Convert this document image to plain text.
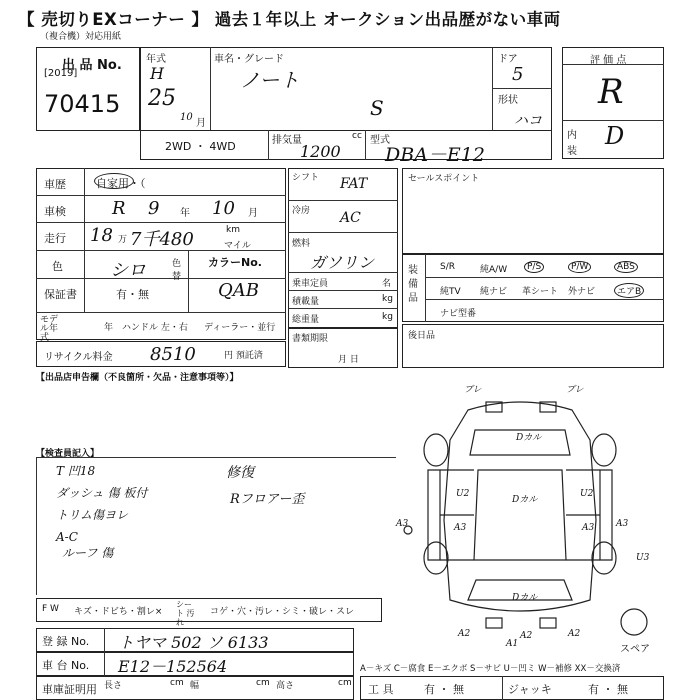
【 売切りEXコーナー 】 過去１年以上 オークション出品歴がない車両
（複合機）対応用紙
出 品 No.
[2019]
70415
年式
H
25
10
月
車名・グレード
ノート
S
ドア
5
形状
ハコ
2WD ・ 4WD	排気量	cc
1200
型式
DBA－E12
評 価 点
R
内
装
D
車歴	自家用・（
車検	R 9 年 10 月
走行 18 万 7千480	km
マイル
色	シロ	色替
カラーNo.
QAB
保証書	有・無
モデル年式
年 ハンドル 左・右 ディーラー・並行
リサイクル料金 8510	円 預託済
シフト FAT
冷房 AC
燃料
ガソリン
乗車定員	名
積載量	kg
総重量	kg
書類期限
月 日
セールスポイント
装備品
S/R	純A/W	P/S	P/W	ABS
純TV 純ナビ 革シート 外ナビ	エアB
ナビ型番
後日品
【出品店申告欄（不良箇所・欠品・注意事項等）】
【検査員記入】
T 凹18
ダッシュ 傷 板付
トリム傷ヨレ
A-C
ルーフ 傷
修復
Rフロアー歪
ブレ	ブレ
Dカル
U2	U2
Dカル
A3
A3	A3 A3
U3
A2	A2	A2
A1
Dカル
スペア
F W キズ・ドビち・割レ×
シート 汚れ
コゲ・穴・汚レ・シミ・破レ・スレ
登 録 No. トヤマ 502 ソ 6133
車 台 No. E12－152564	A－キズ C－腐食 E－エクボ S－サビ U－凹ミ W－補修 XX－交換済
車庫証明用 長さ	cm 幅	cm 高さ	cm 工 具	有 ・ 無	ジャッキ	有 ・ 無
